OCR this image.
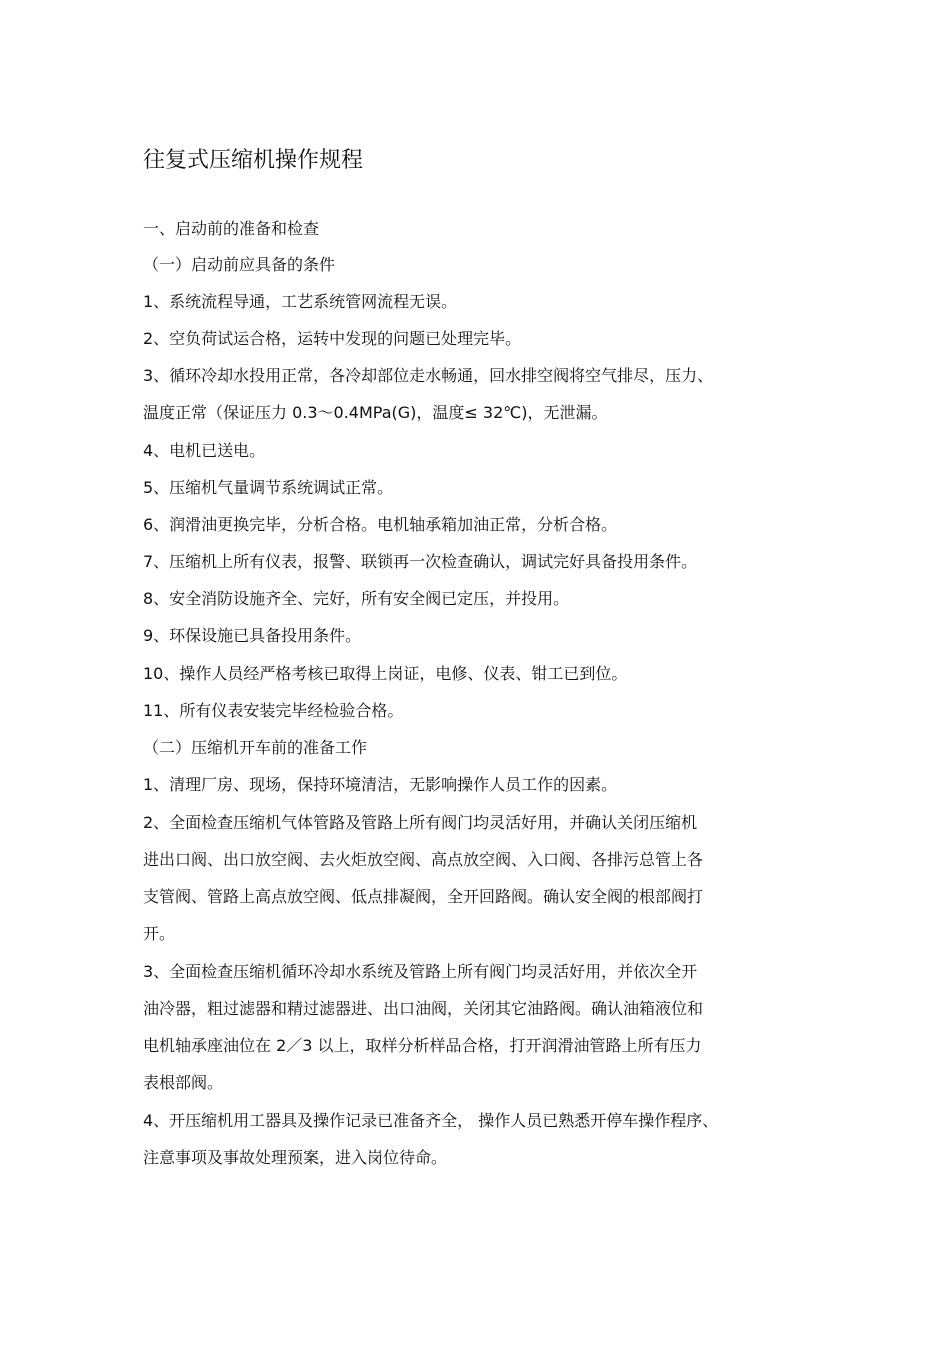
往复式压缩机操作规程
一、启动前的准备和检查
（一）启动前应具备的条件
1、系统流程导通，工艺系统管网流程无误。
2、空负荷试运合格，运转中发现的问题已处理完毕。
3、循环冷却水投用正常，各冷却部位走水畅通，回水排空阀将空气排尽，压力、
温度正常（保证压力 0.3～0.4MPa(G)，温度≤ 32℃)，无泄漏。
4、电机已送电。
5、压缩机气量调节系统调试正常。
6、润滑油更换完毕，分析合格。电机轴承箱加油正常，分析合格。
7、压缩机上所有仪表，报警、联锁再一次检查确认，调试完好具备投用条件。
8、安全消防设施齐全、完好，所有安全阀已定压，并投用。
9、环保设施已具备投用条件。
10、操作人员经严格考核已取得上岗证，电修、仪表、钳工已到位。
11、所有仪表安装完毕经检验合格。
（二）压缩机开车前的准备工作
1、清理厂房、现场，保持环境清洁，无影响操作人员工作的因素。
2、全面检查压缩机气体管路及管路上所有阀门均灵活好用，并确认关闭压缩机
进出口阀、出口放空阀、去火炬放空阀、高点放空阀、入口阀、各排污总管上各
支管阀、管路上高点放空阀、低点排凝阀，全开回路阀。确认安全阀的根部阀打
开。
3、全面检查压缩机循环冷却水系统及管路上所有阀门均灵活好用，并依次全开
油冷器，粗过滤器和精过滤器进、出口油阀，关闭其它油路阀。确认油箱液位和
电机轴承座油位在 2／3 以上，取样分析样品合格，打开润滑油管路上所有压力
表根部阀。
4、开压缩机用工器具及操作记录已准备齐全， 操作人员已熟悉开停车操作程序、
注意事项及事故处理预案，进入岗位待命。
